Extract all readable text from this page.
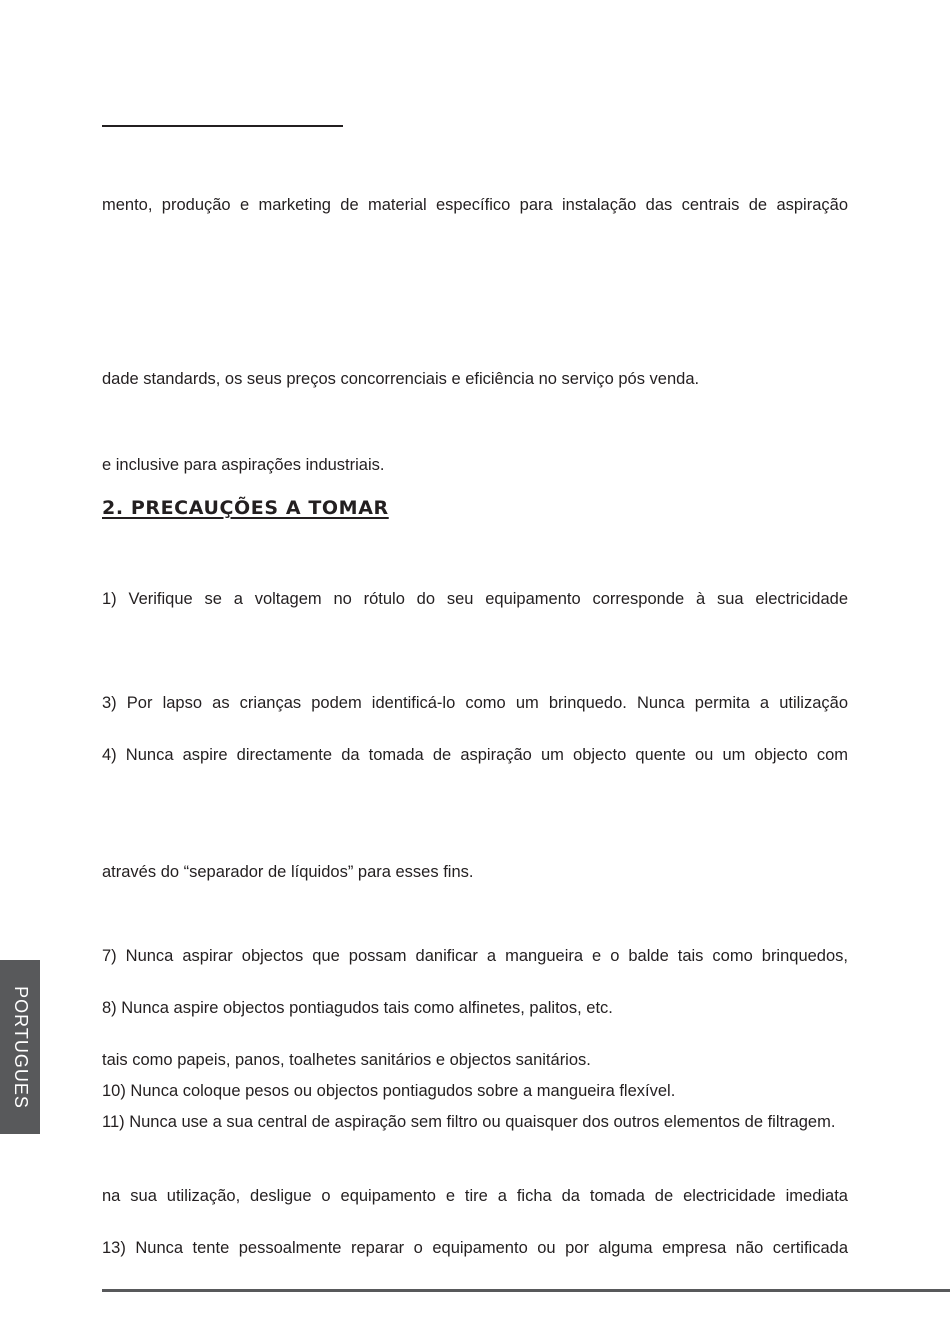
mento, produção e marketing de material específico para instalação das centrais de aspiração

dade standards, os seus preços concorrenciais e eficiência no serviço pós venda.

e inclusive para aspirações industriais.

2. PRECAUÇÕES A TOMAR

1) Verifique se a voltagem no rótulo do seu equipamento corresponde à sua electricidade

3) Por lapso as crianças podem identificá-lo como um brinquedo. Nunca permita a utilização

4) Nunca aspire directamente da tomada de aspiração um objecto quente ou um objecto com

através do “separador de líquidos” para esses fins.

7) Nunca aspirar objectos que possam danificar a mangueira e o balde tais como brinquedos,

8) Nunca aspire objectos pontiagudos tais como alfinetes, palitos, etc.

tais como papeis, panos, toalhetes sanitários e objectos sanitários.

10) Nunca coloque pesos ou objectos pontiagudos sobre a mangueira flexível.

11) Nunca use a sua central de aspiração sem filtro ou quaisquer dos outros elementos de filtragem.

na sua utilização, desligue o equipamento e tire a ficha da tomada de electricidade imediata

13) Nunca tente pessoalmente reparar o equipamento ou por alguma empresa não certificada

PORTUGUES
